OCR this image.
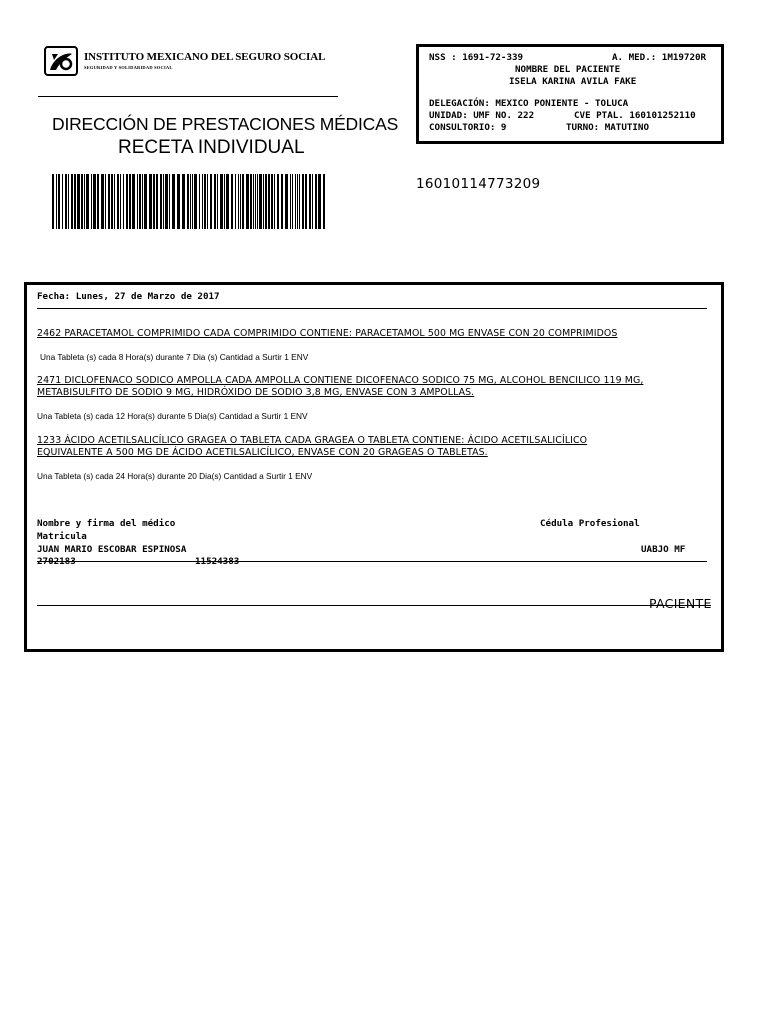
INSTITUTO MEXICANO DEL SEGURO SOCIAL
SEGURIDAD Y SOLIDARIDAD SOCIAL
DIRECCIÓN DE PRESTACIONES MÉDICAS
RECETA INDIVIDUAL
16010114773209
NSS : 1691-72-339	A. MED.: 1M19720R
NOMBRE DEL PACIENTE
ISELA KARINA AVILA FAKE
DELEGACIÓN: MEXICO PONIENTE - TOLUCA
UNIDAD: UMF NO. 222	CVE PTAL. 160101252110
CONSULTORIO: 9	TURNO: MATUTINO
Fecha: Lunes, 27 de Marzo de 2017
2462 PARACETAMOL COMPRIMIDO CADA COMPRIMIDO CONTIENE: PARACETAMOL 500 MG ENVASE CON 20 COMPRIMIDOS
Una Tableta (s) cada 8 Hora(s) durante 7 Dia (s) Cantidad a Surtir 1 ENV
2471 DICLOFENACO SODICO AMPOLLA CADA AMPOLLA CONTIENE DICOFENACO SODICO 75 MG, ALCOHOL BENCILICO 119 MG,
METABISULFITO DE SODIO 9 MG, HIDRÓXIDO DE SODIO 3,8 MG, ENVASE CON 3 AMPOLLAS.
Una Tableta (s) cada 12 Hora(s) durante 5 Dia(s) Cantidad a Surtir 1 ENV
1233 ÁCIDO ACETILSALICÍLICO GRAGEA O TABLETA CADA GRAGEA O TABLETA CONTIENE: ÁCIDO ACETILSALICÍLICO
EQUIVALENTE A 500 MG DE ÁCIDO ACETILSALICÍLICO, ENVASE CON 20 GRAGEAS O TABLETAS.
Una Tableta (s) cada 24 Hora(s) durante 20 Dia(s) Cantidad a Surtir 1 ENV
Nombre y firma del médico	Cédula Profesional
Matricula
JUAN MARIO ESCOBAR ESPINOSA	UABJO MF
2702183	11524383
PACIENTE
